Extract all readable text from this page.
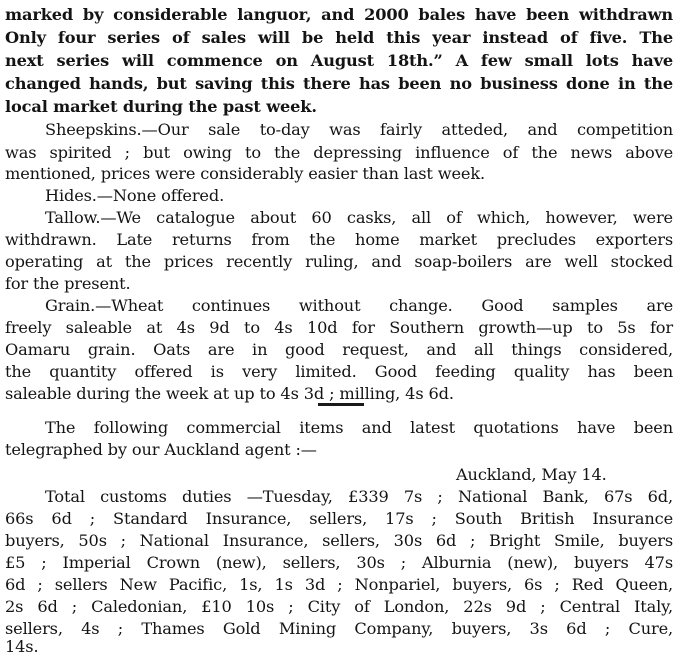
marked by considerable languor, and 2000 bales have been withdrawn
Only four series of sales will be held this year instead of five. The
next series will commence on August 18th.” A few small lots have
changed hands, but saving this there has been no business done in the
local market during the past week.
Sheepskins.—Our sale to-day was fairly atteded, and competition
was spirited ; but owing to the depressing influence of the news above
mentioned, prices were considerably easier than last week.
Hides.—None offered.
Tallow.—We catalogue about 60 casks, all of which, however, were
withdrawn. Late returns from the home market precludes exporters
operating at the prices recently ruling, and soap-boilers are well stocked
for the present.
Grain.—Wheat continues without change. Good samples are
freely saleable at 4s 9d to 4s 10d for Southern growth—up to 5s for
Oamaru grain. Oats are in good request, and all things considered,
the quantity offered is very limited. Good feeding quality has been
saleable during the week at up to 4s 3d ; milling, 4s 6d.
The following commercial items and latest quotations have been
telegraphed by our Auckland agent :—
Auckland, May 14.
Total customs duties —Tuesday, £339 7s ; National Bank, 67s 6d,
66s 6d ; Standard Insurance, sellers, 17s ; South British Insurance
buyers, 50s ; National Insurance, sellers, 30s 6d ; Bright Smile, buyers
£5 ; Imperial Crown (new), sellers, 30s ; Alburnia (new), buyers 47s
6d ; sellers New Pacific, 1s, 1s 3d ; Nonpariel, buyers, 6s ; Red Queen,
2s 6d ; Caledonian, £10 10s ; City of London, 22s 9d ; Central Italy,
sellers, 4s ; Thames Gold Mining Company, buyers, 3s 6d ; Cure,
14s.
